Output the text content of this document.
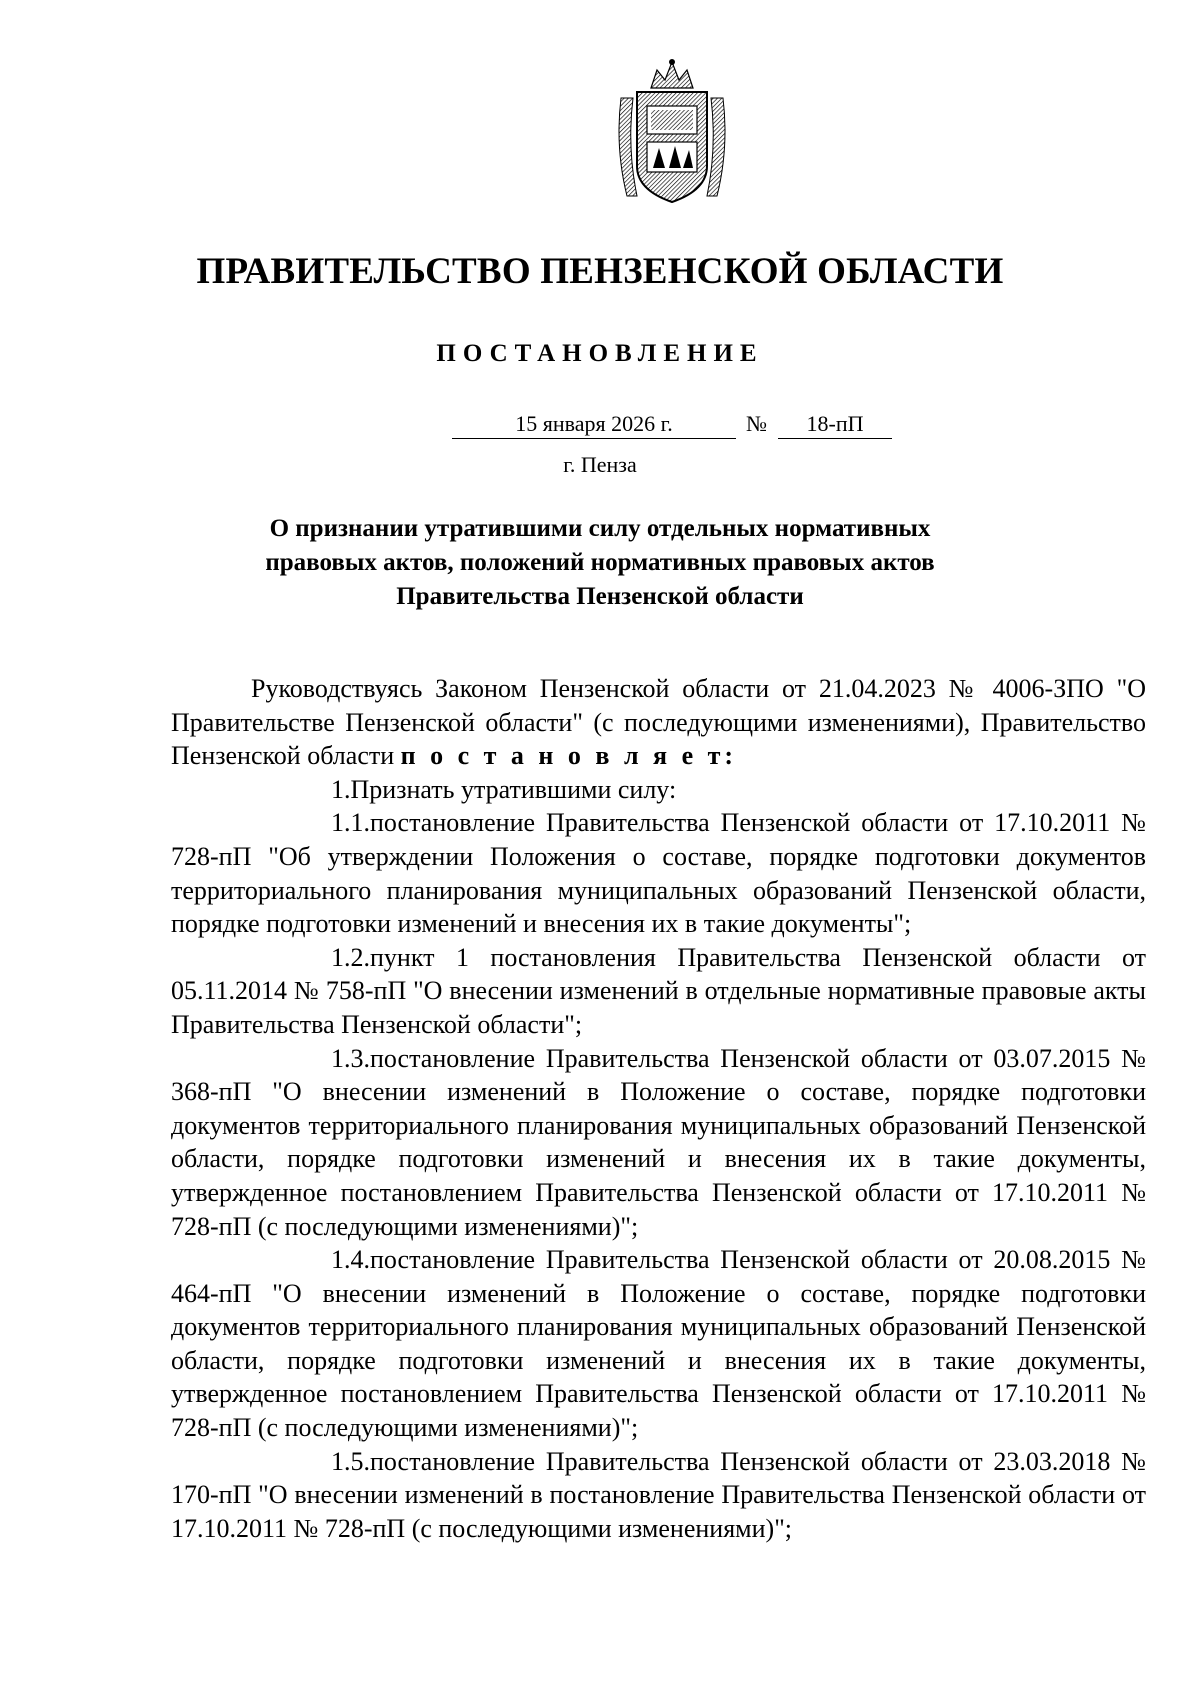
ПРАВИТЕЛЬСТВО ПЕНЗЕНСКОЙ ОБЛАСТИ
ПОСТАНОВЛЕНИЕ
15 января 2026 г.	№	18-пП
г. Пенза
О признании утратившими силу отдельных нормативных
правовых актов, положений нормативных правовых актов
Правительства Пензенской области

Руководствуясь Законом Пензенской области от 21.04.2023 № 4006-ЗПО "О Правительстве Пензенской области" (с последующими изменениями), Правительство Пензенской области п о с т а н о в л я е т:

1.Признать утратившими силу:

1.1.постановление Правительства Пензенской области от 17.10.2011 № 728-пП "Об утверждении Положения о составе, порядке подготовки документов территориального планирования муниципальных образований Пензенской области, порядке подготовки изменений и внесения их в такие документы";

1.2.пункт 1 постановления Правительства Пензенской области от 05.11.2014 № 758-пП "О внесении изменений в отдельные нормативные правовые акты Правительства Пензенской области";

1.3.постановление Правительства Пензенской области от 03.07.2015 № 368-пП "О внесении изменений в Положение о составе, порядке подготовки документов территориального планирования муниципальных образований Пензенской области, порядке подготовки изменений и внесения их в такие документы, утвержденное постановлением Правительства Пензенской области от 17.10.2011 № 728-пП (с последующими изменениями)";

1.4.постановление Правительства Пензенской области от 20.08.2015 № 464-пП "О внесении изменений в Положение о составе, порядке подготовки документов территориального планирования муниципальных образований Пензенской области, порядке подготовки изменений и внесения их в такие документы, утвержденное постановлением Правительства Пензенской области от 17.10.2011 № 728-пП (с последующими изменениями)";

1.5.постановление Правительства Пензенской области от 23.03.2018 № 170-пП "О внесении изменений в постановление Правительства Пензенской области от 17.10.2011 № 728-пП (с последующими изменениями)";
